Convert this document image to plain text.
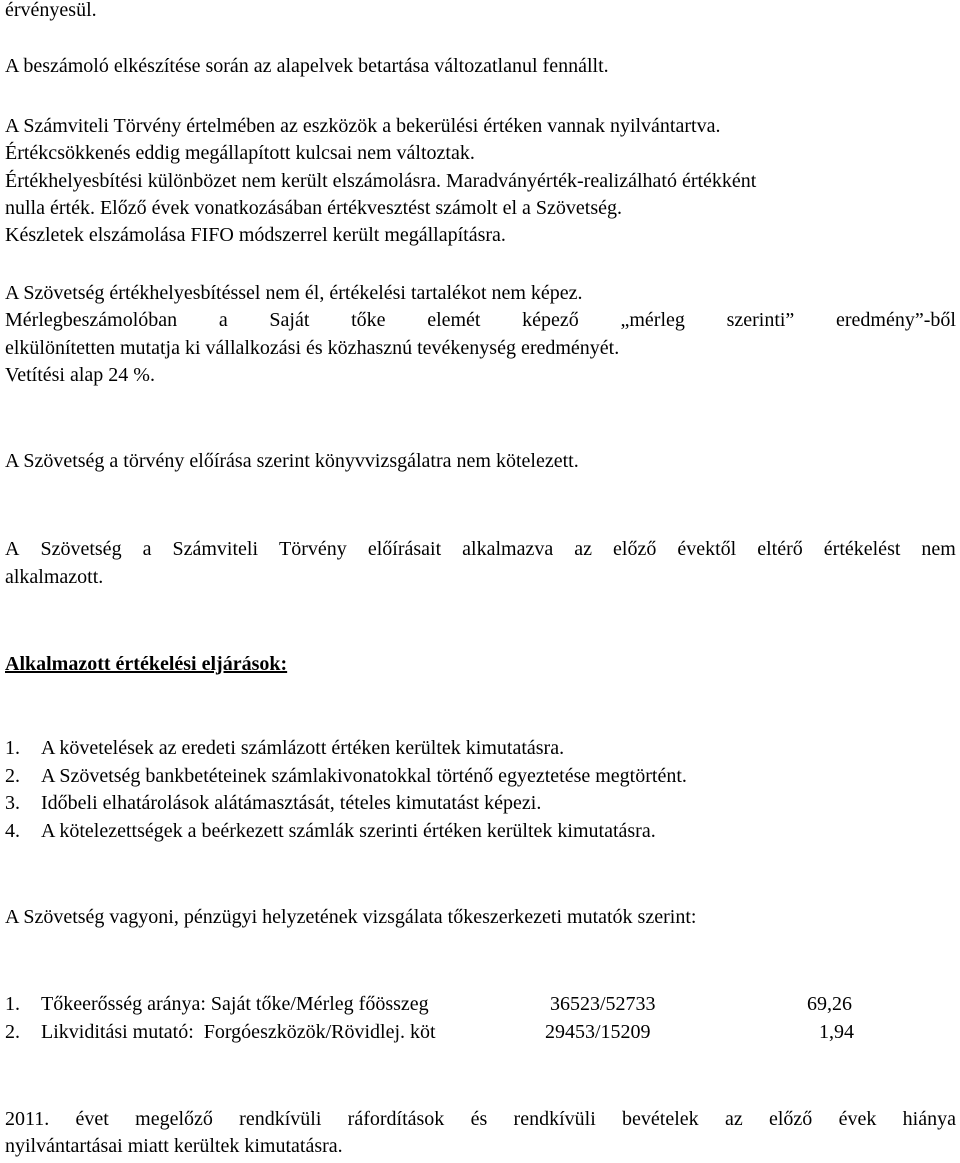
érvényesül.
A beszámoló elkészítése során az alapelvek betartása változatlanul fennállt.
A Számviteli Törvény értelmében az eszközök a bekerülési értéken vannak nyilvántartva.
Értékcsökkenés eddig megállapított kulcsai nem változtak.
Értékhelyesbítési különbözet nem került elszámolásra. Maradványérték-realizálható értékként
nulla érték. Előző évek vonatkozásában értékvesztést számolt el a Szövetség.
Készletek elszámolása FIFO módszerrel került megállapításra.
A Szövetség értékhelyesbítéssel nem él, értékelési tartalékot nem képez.
Mérlegbeszámolóban a Saját tőke elemét képező „mérleg szerinti” eredmény”-ből
elkülönítetten mutatja ki vállalkozási és közhasznú tevékenység eredményét.
Vetítési alap 24 %.
A Szövetség a törvény előírása szerint könyvvizsgálatra nem kötelezett.
A Szövetség a Számviteli Törvény előírásait alkalmazva az előző évektől eltérő értékelést nem
alkalmazott.
Alkalmazott értékelési eljárások:
1. A követelések az eredeti számlázott értéken kerültek kimutatásra.
2. A Szövetség bankbetéteinek számlakivonatokkal történő egyeztetése megtörtént.
3. Időbeli elhatárolások alátámasztását, tételes kimutatást képezi.
4. A kötelezettségek a beérkezett számlák szerinti értéken kerültek kimutatásra.
A Szövetség vagyoni, pénzügyi helyzetének vizsgálata tőkeszerkezeti mutatók szerint:
1. Tőkeerősség aránya: Saját tőke/Mérleg főösszeg	36523/52733	69,26
2. Likviditási mutató:  Forgóeszközök/Rövidlej. köt	29453/15209	1,94
2011. évet megelőző rendkívüli ráfordítások és rendkívüli bevételek az előző évek hiánya
nyilvántartásai miatt kerültek kimutatásra.
